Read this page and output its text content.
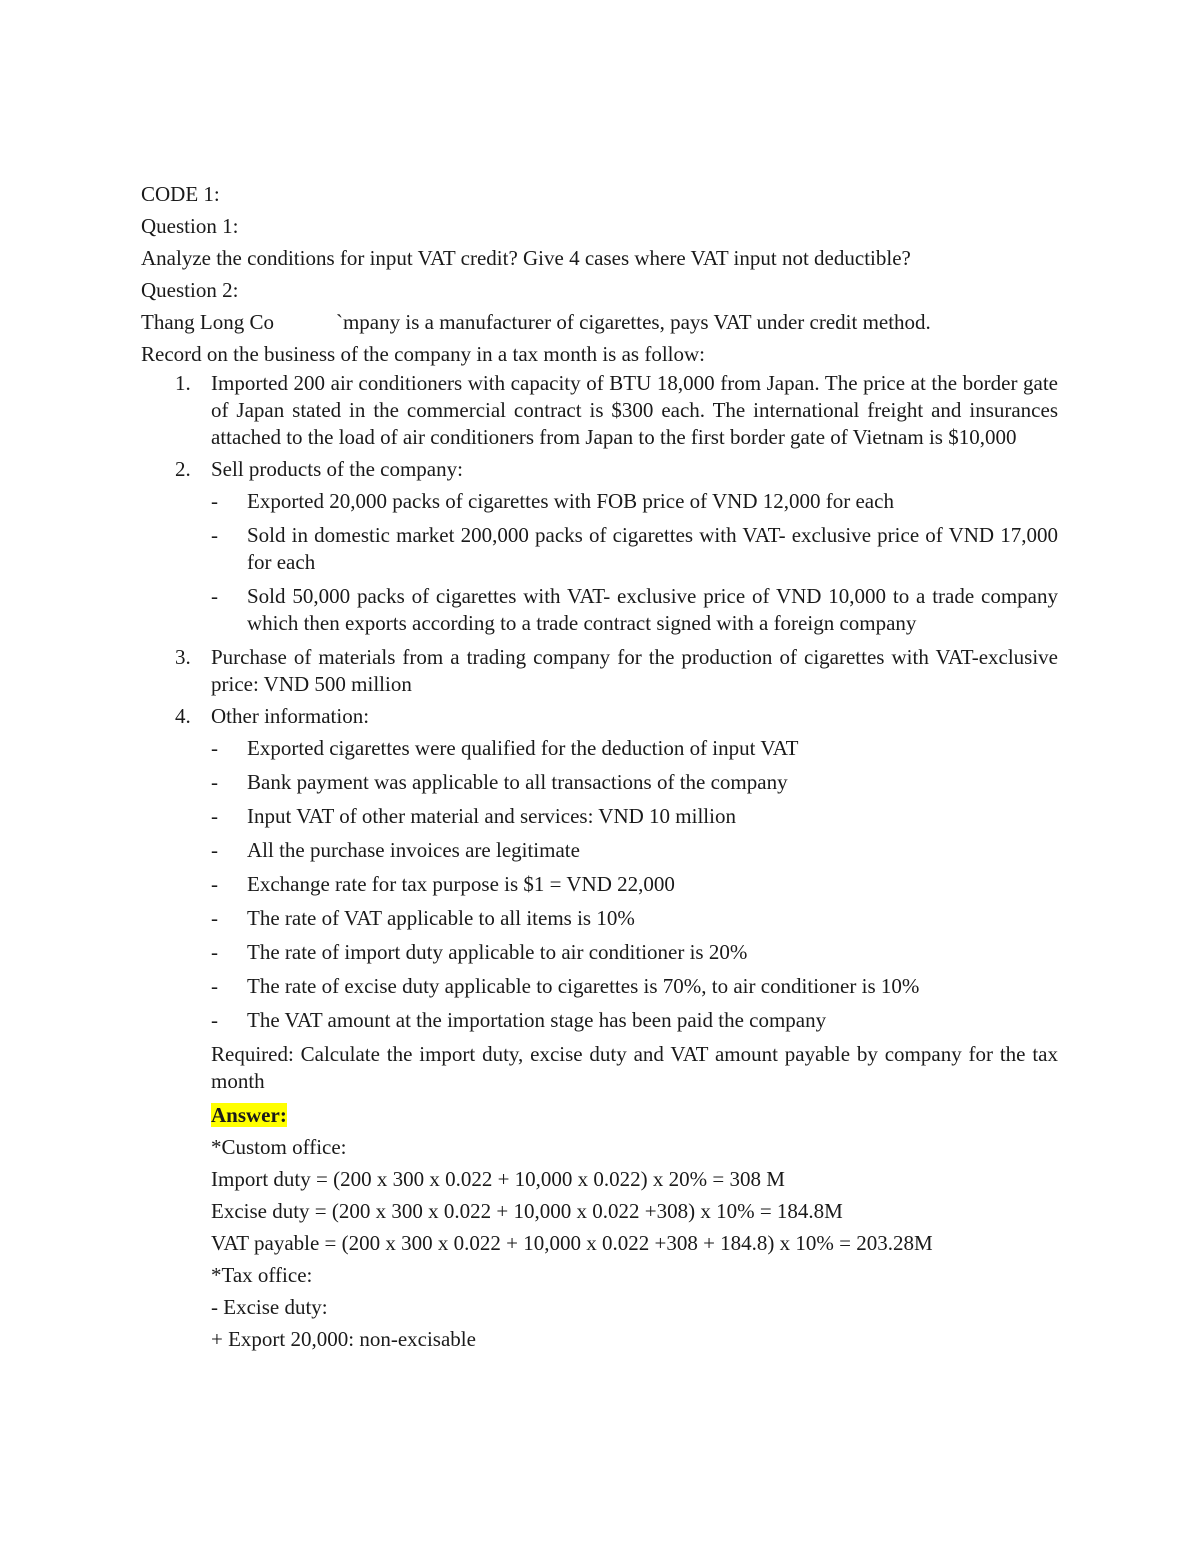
CODE 1:

Question 1:

Analyze the conditions for input VAT credit? Give 4 cases where VAT input not deductible?

Question 2:

Thang Long Co	`mpany is a manufacturer of cigarettes, pays VAT under credit method.

Record on the business of the company in a tax month is as follow:

1. Imported 200 air conditioners with capacity of BTU 18,000 from Japan. The price at the border gate of Japan stated in the commercial contract is $300 each. The international freight and insurances attached to the load of air conditioners from Japan to the first border gate of Vietnam is $10,000
2. Sell products of the company:
- Exported 20,000 packs of cigarettes with FOB price of VND 12,000 for each
- Sold in domestic market 200,000 packs of cigarettes with VAT- exclusive price of VND 17,000 for each
- Sold 50,000 packs of cigarettes with VAT- exclusive price of VND 10,000 to a trade company which then exports according to a trade contract signed with a foreign company
3. Purchase of materials from a trading company for the production of cigarettes with VAT-exclusive price: VND 500 million
4. Other information:
- Exported cigarettes were qualified for the deduction of input VAT
- Bank payment was applicable to all transactions of the company
- Input VAT of other material and services: VND 10 million
- All the purchase invoices are legitimate
- Exchange rate for tax purpose is $1 = VND 22,000
- The rate of VAT applicable to all items is 10%
- The rate of import duty applicable to air conditioner is 20%
- The rate of excise duty applicable to cigarettes is 70%, to air conditioner is 10%
- The VAT amount at the importation stage has been paid the company

Required: Calculate the import duty, excise duty and VAT amount payable by company for the tax month

Answer:

*Custom office:

Import duty = (200 x 300 x 0.022 + 10,000 x 0.022) x 20% = 308 M

Excise duty = (200 x 300 x 0.022 + 10,000 x 0.022 +308) x 10% = 184.8M

VAT payable = (200 x 300 x 0.022 + 10,000 x 0.022 +308 + 184.8) x 10% = 203.28M

*Tax office:

- Excise duty:

+ Export 20,000: non-excisable
